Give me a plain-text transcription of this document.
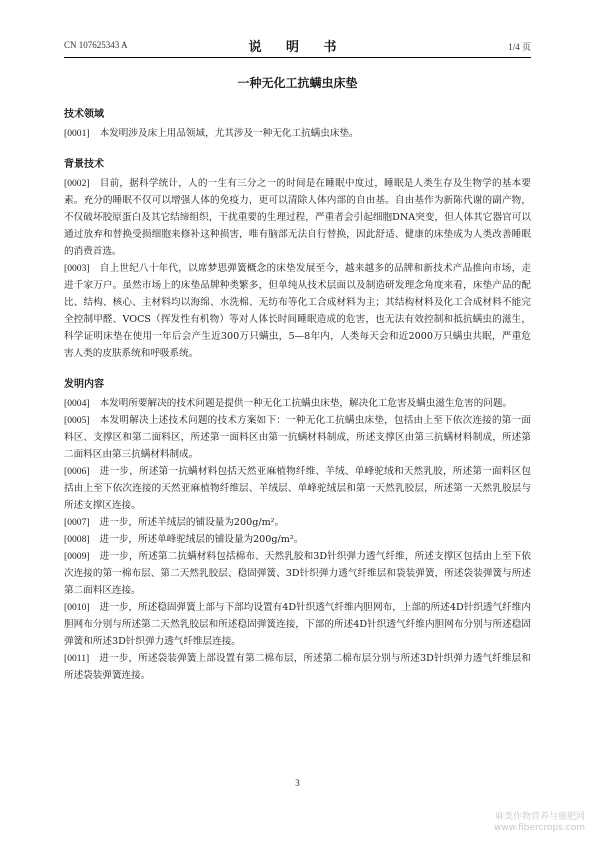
CN 107625343 A	说 明 书	1/4 页
一种无化工抗螨虫床垫
技术领域

[0001] 本发明涉及床上用品领域，尤其涉及一种无化工抗螨虫床垫。

背景技术

[0002] 目前，据科学统计，人的一生有三分之一的时间是在睡眠中度过，睡眠是人类生存及生物学的基本要素。充分的睡眠不仅可以增强人体的免疫力，更可以清除人体内部的自由基。自由基作为新陈代谢的副产物，不仅破坏胶原蛋白及其它结缔组织，干扰重要的生理过程，严重者会引起细胞DNA突变，但人体其它器官可以通过放弃和替换受损细胞来修补这种损害，唯有脑部无法自行替换，因此舒适、健康的床垫成为人类改善睡眠的消费首选。

[0003] 自上世纪八十年代，以席梦思弹簧概念的床垫发展至今，越来越多的品牌和新技术产品推向市场，走进千家万户。虽然市场上的床垫品牌种类繁多，但单纯从技术层面以及制造研发理念角度来看，床垫产品的配比、结构、核心、主材料均以海绵、水洗棉、无纺布等化工合成材料为主；其结构材料及化工合成材料不能完全控制甲醛、VOCS（挥发性有机物）等对人体长时间睡眠造成的危害，也无法有效控制和抵抗螨虫的滋生，科学证明床垫在使用一年后会产生近300万只螨虫，5—8年内，人类每天会和近2000万只螨虫共眠，严重危害人类的皮肤系统和呼吸系统。

发明内容

[0004] 本发明所要解决的技术问题是提供一种无化工抗螨虫床垫，解决化工危害及螨虫滋生危害的问题。

[0005] 本发明解决上述技术问题的技术方案如下：一种无化工抗螨虫床垫，包括由上至下依次连接的第一面料区、支撑区和第二面料区，所述第一面料区由第一抗螨材料制成，所述支撑区由第三抗螨材料制成，所述第二面料区由第三抗螨材料制成。

[0006] 进一步，所述第一抗螨材料包括天然亚麻植物纤维、羊绒、单峰驼绒和天然乳胶，所述第一面料区包括由上至下依次连接的天然亚麻植物纤维层、羊绒层、单峰驼绒层和第一天然乳胶层，所述第一天然乳胶层与所述支撑区连接。

[0007] 进一步，所述羊绒层的铺设量为200g/m²。

[0008] 进一步，所述单峰驼绒层的铺设量为200g/m²。

[0009] 进一步，所述第二抗螨材料包括棉布、天然乳胶和3D针织弹力透气纤维，所述支撑区包括由上至下依次连接的第一棉布层、第二天然乳胶层、稳固弹簧、3D针织弹力透气纤维层和袋装弹簧，所述袋装弹簧与所述第二面料区连接。

[0010] 进一步，所述稳固弹簧上部与下部均设置有4D针织透气纤维内胆网布，上部的所述4D针织透气纤维内胆网布分别与所述第二天然乳胶层和所述稳固弹簧连接，下部的所述4D针织透气纤维内胆网布分别与所述稳固弹簧和所述3D针织弹力透气纤维层连接。

[0011] 进一步，所述袋装弹簧上部设置有第二棉布层，所述第二棉布层分别与所述3D针织弹力透气纤维层和所述袋装弹簧连接。

3
麻类作物营养与施肥网
www.fibercrops.com
